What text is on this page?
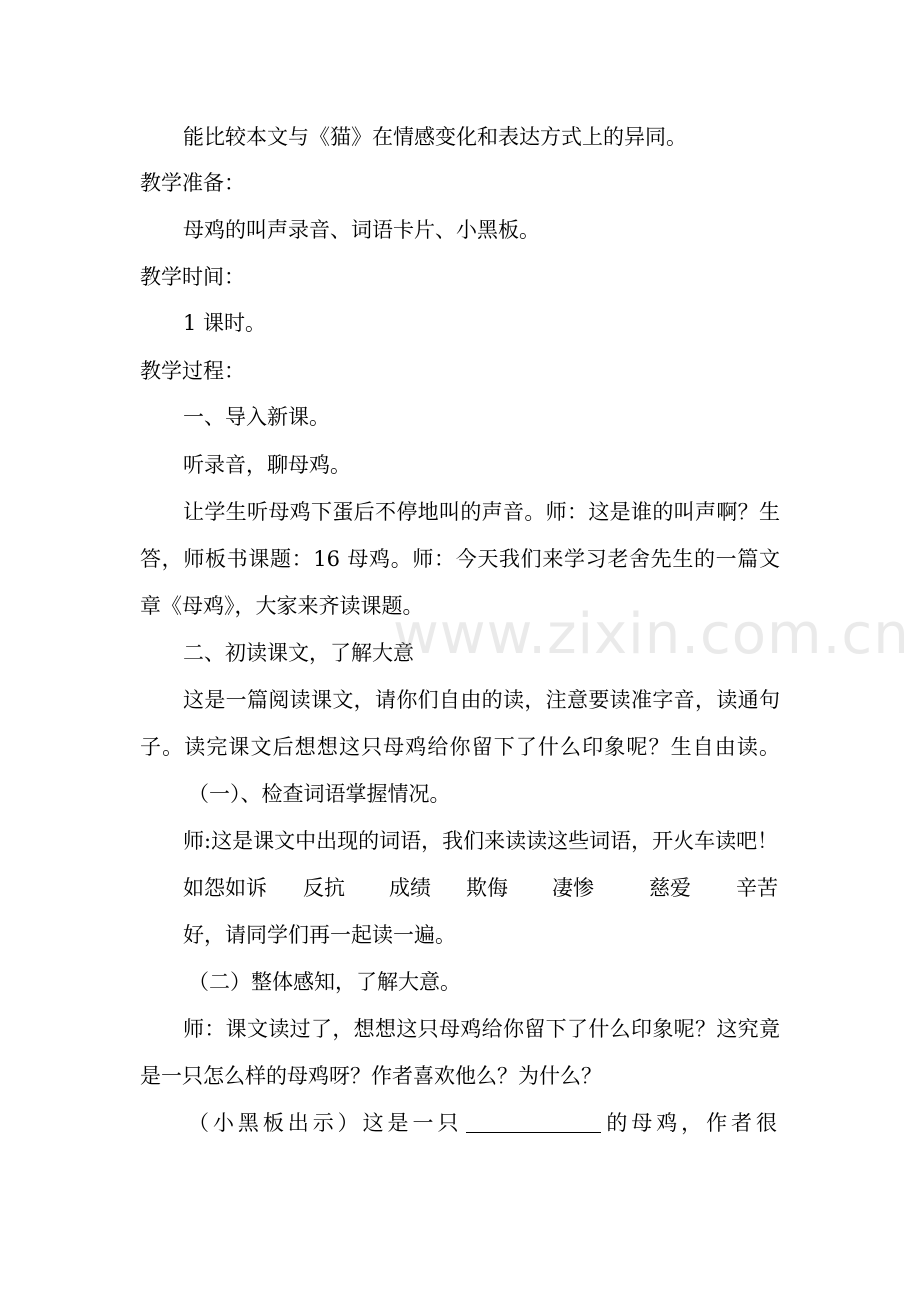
能比较本文与《猫》在情感变化和表达方式上的异同。
教学准备：
母鸡的叫声录音、词语卡片、小黑板。
教学时间：
1 课时。
教学过程：
一、导入新课。
听录音，聊母鸡。
让学生听母鸡下蛋后不停地叫的声音。师：这是谁的叫声啊？生
答，师板书课题：16 母鸡。师：今天我们来学习老舍先生的一篇文
章《母鸡》，大家来齐读课题。
二、初读课文，了解大意
这是一篇阅读课文，请你们自由的读，注意要读准字音，读通句
子。读完课文后想想这只母鸡给你留下了什么印象呢？生自由读。
（一）、检查词语掌握情况。
师:这是课文中出现的词语，我们来读读这些词语，开火车读吧！
如怨如诉 反抗 成绩 欺侮 凄惨	慈爱 辛苦
好，请同学们再一起读一遍。
（二）整体感知，了解大意。
师：课文读过了，想想这只母鸡给你留下了什么印象呢？这究竟
是一只怎么样的母鸡呀？作者喜欢他么？为什么？
（小黑板出示）这是一只	的母鸡，作者很
www.zixin.com.cn
